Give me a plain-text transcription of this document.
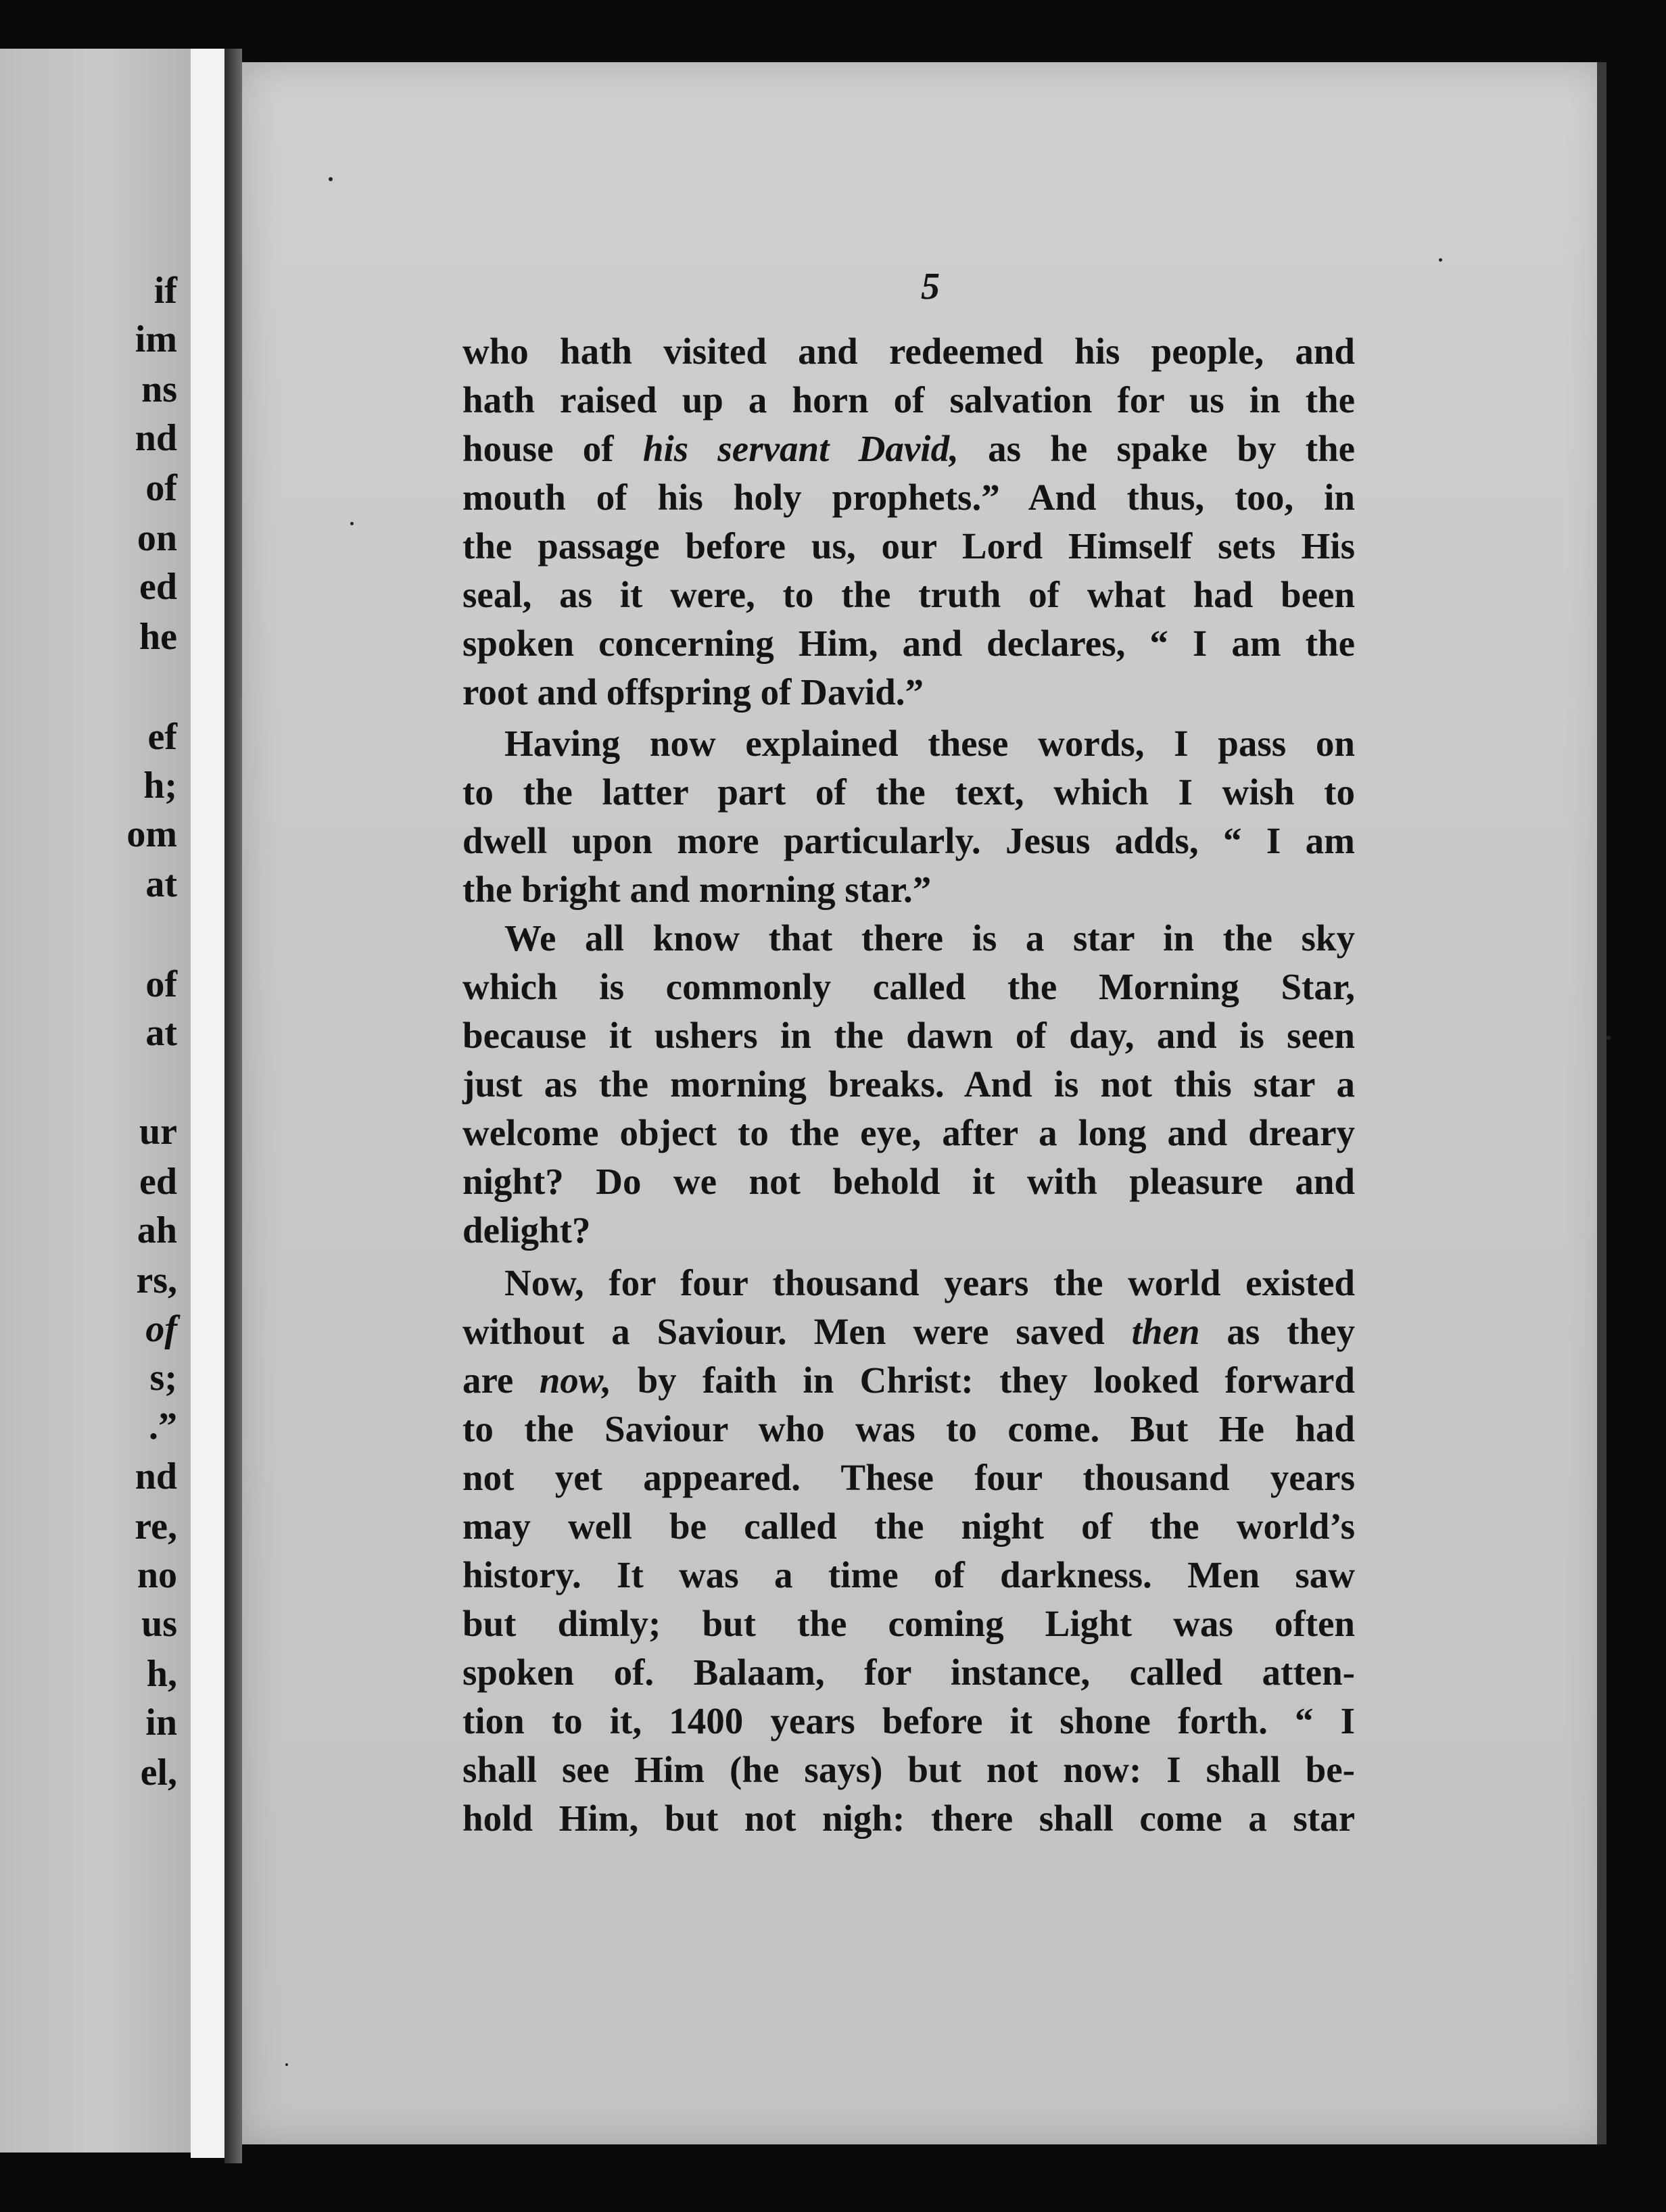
if
im
ns
nd
of
on
ed
he
ef
h;
om
at
of
at
ur
ed
ah
rs,
of
s;
.”
nd
re,
no
us
h,
in
el,
5
who hath visited and redeemed his people, and
hath raised up a horn of salvation for us in the
house of his servant David, as he spake by the
mouth of his holy prophets.” And thus, too, in
the passage before us, our Lord Himself sets His
seal, as it were, to the truth of what had been
spoken concerning Him, and declares, “ I am the
root and offspring of David.”
Having now explained these words, I pass on
to the latter part of the text, which I wish to
dwell upon more particularly. Jesus adds, “ I am
the bright and morning star.”
We all know that there is a star in the sky
which is commonly called the Morning Star,
because it ushers in the dawn of day, and is seen
just as the morning breaks. And is not this star a
welcome object to the eye, after a long and dreary
night? Do we not behold it with pleasure and
delight?
Now, for four thousand years the world existed
without a Saviour. Men were saved then as they
are now, by faith in Christ: they looked forward
to the Saviour who was to come. But He had
not yet appeared. These four thousand years
may well be called the night of the world’s
history. It was a time of darkness. Men saw
but dimly; but the coming Light was often
spoken of. Balaam, for instance, called atten-
tion to it, 1400 years before it shone forth. “ I
shall see Him (he says) but not now: I shall be-
hold Him, but not nigh: there shall come a star
